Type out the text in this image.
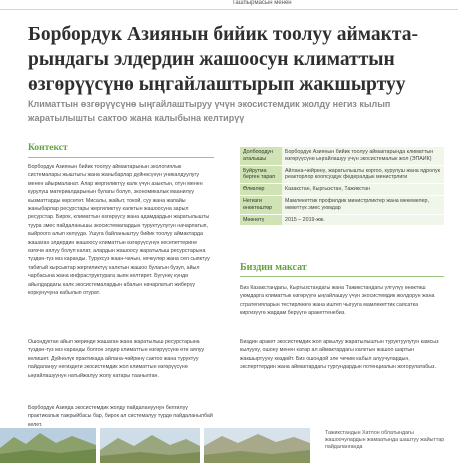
Ташпырмасын менен
Борбордук Азиянын бийик тоолуу аймакта- рындагы элдердин жашоосун климаттын өзгөрүүсүнө ыңгайлаштырып жакшыртуу
Климаттын өзгөрүүсүнө ыңгайлаштыруу үчүн экосистемдик жолду негиз кылып жаратылышты сактоо жана калыбына келтирүү
Контекст

Борбордук Азиянын бийик тоолуу аймактарынын экологиялык системалары жыштыгы жана жаныбарлар дүйнөсүнүн уникалдуулугу менен айырмаланат. Алар жергиликтүү калк үчүн азыктын, отун менен курулуш материалдарынын булагы болуп, экономикалык маанилүү кызматтарды көрсөтөт. Мисалы, жайыт, токой, суу жана жапайы жаныбарлар ресурстары жергиликтүү калктын жашоосуна зарыл ресурстар. Бирок, климаттын өзгөрүүсү жана адамдардын жаратылышты туура эмес пайдаланышы экосистемалардын туруктуулугун начарлатып, кыйроого алып келүүдө. Ушуга байланыштуу бийик тоолуу аймактарда жашаган элдердин жашоосу климаттын өзгөрүүсүнүн кесепеттерине өзгөчө аялуу болуп калат, алардын жашоосу жаратылыш ресурстарына түздөн-түз көз каранды. Туруксуз жаан-чачын, көчкүлөр жана сел сыяктуу табигый кырсыктар жергиликтүү калктын жашоо булагын бузуп, айыл чарбасына жана инфраструктурага зыян келтирет. Бүгүнкү күндө айылдардагы калк экосистемалардын абалын начарлатып жиберүү коркунучуна кабылып отурат.

Ошондуктан айыл жеринде жашаган жана жаратылыш ресурстарына түздөн-түз көз каранды болгон элдер климаттын өзгөрүүсүнө өтө аялуу келишет. Дүйнөлүк практикада айлана-чөйрөнү сактоо жана туруктуу пайдалануу негиздеги экосистемдик жол климаттын өзгөрүүсүнө ыңгайлашуунун натыйжалуу жолу катары таанылган.

Борбордук Азияда экосистемдик жолду пайдалануунун белгилүү практикалык тажрыйбасы бар, бирок ал системалуу түрдө пайдаланылбай келет.

Долбоордун аталышы	Борбордук Азиянын бийик тоолуу аймактарында климаттын өзгөрүүсүнө ыңгайлашуу үчүн экосистемалык жол (ЭПАИК)
Буйрутма берген тарап	Айлана-чөйрөнү, жаратылышты коргоо, курулуш жана ядролук реакторлор коопсуздук федералдык министрлиги
Өлкөлөр	Казакстан, Кыргызстан, Тажикстан
Негизги өнөктөштөр	Мамлекеттик профилдик министрликтер жана мекемелер, өкмөттүк эмес уюмдар
Мөөнөтү	2015 – 2019-жж.
Биздин максат

Биз Казакстандагы, Кыргызстандагы жана Тажикстандагы үлгүлүү өнөктөш уюмдарга климаттык өзгөрүүгө ыңгайлашуу үчүн экосистемдик жолдорун жана стратегияларын тестирлөөгө жана иштеп чыгууга мамлекеттик саясатка киргизүүгө жардам берүүгө аракеттенебиз.

Биздин аракет экосистемдик жол аркылуу жаратылыштын туруктуулугун камсыз кылууну, ошону менен катар ал аймактардагы калктын жашоо шартын жакшыртууну көздөйт. Биз ошондой эле чечим кабыл алуучулардын, эксперттердин жана аймактардагы тургундардын потенциалын жогорулатабыз.

Тажикстандын Хатлон облатындагы жашоочулардын жамаатында шаштуу жайыттар пайдаланганда
